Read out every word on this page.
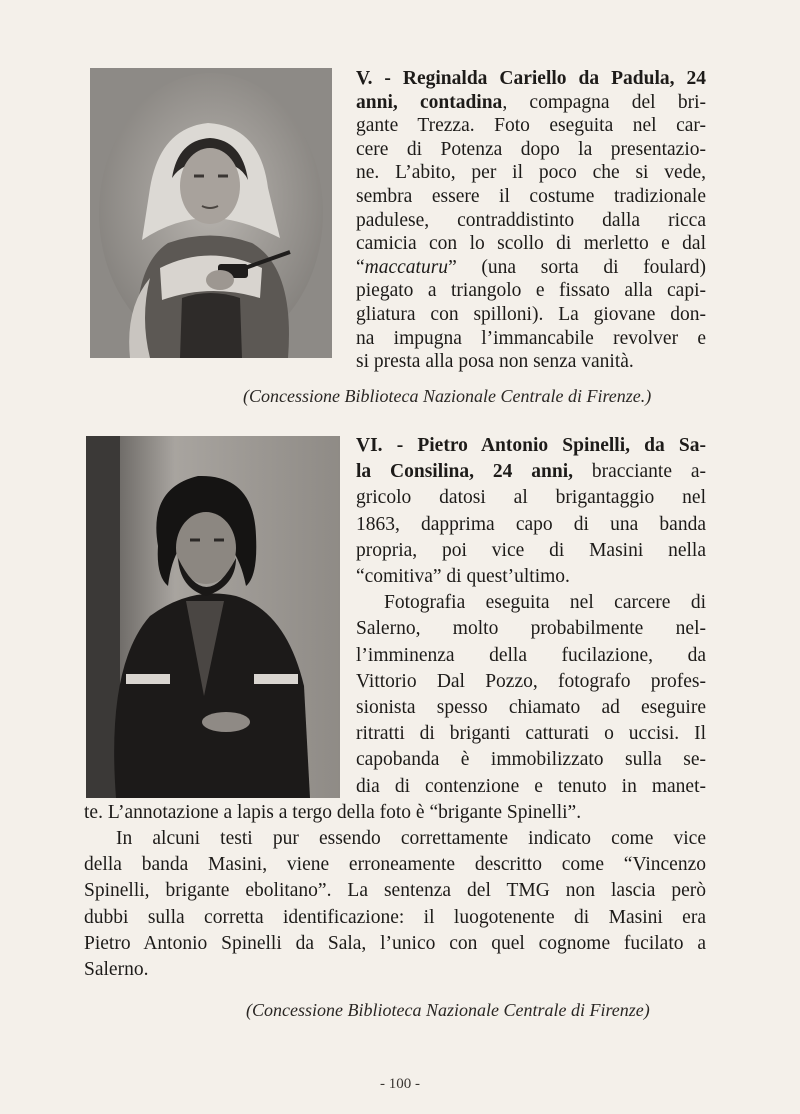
V. - Reginalda Cariello da Padula, 24
anni, contadina, compagna del bri-
gante Trezza. Foto eseguita nel car-
cere di Potenza dopo la presentazio-
ne. L’abito, per il poco che si vede,
sembra essere il costume tradizionale
padulese, contraddistinto dalla ricca
camicia con lo scollo di merletto e dal
“maccaturu” (una sorta di foulard)
piegato a triangolo e fissato alla capi-
gliatura con spilloni). La giovane don-
na impugna l’immancabile revolver e
si presta alla posa non senza vanità.
(Concessione Biblioteca Nazionale Centrale di Firenze.)
VI. - Pietro Antonio Spinelli, da Sa-
la Consilina, 24 anni, bracciante a-
gricolo datosi al brigantaggio nel
1863, dapprima capo di una banda
propria, poi vice di Masini nella
“comitiva” di quest’ultimo.
Fotografia eseguita nel carcere di
Salerno, molto probabilmente nel-
l’imminenza della fucilazione, da
Vittorio Dal Pozzo, fotografo profes-
sionista spesso chiamato ad eseguire
ritratti di briganti catturati o uccisi. Il
capobanda è immobilizzato sulla se-
dia di contenzione e tenuto in manet-
te. L’annotazione a lapis a tergo della foto è “brigante Spinelli”.
In alcuni testi pur essendo correttamente indicato come vice
della banda Masini, viene erroneamente descritto come “Vincenzo
Spinelli, brigante ebolitano”. La sentenza del TMG non lascia però
dubbi sulla corretta identificazione: il luogotenente di Masini era
Pietro Antonio Spinelli da Sala, l’unico con quel cognome fucilato a
Salerno.
(Concessione Biblioteca Nazionale Centrale di Firenze)
- 100 -
